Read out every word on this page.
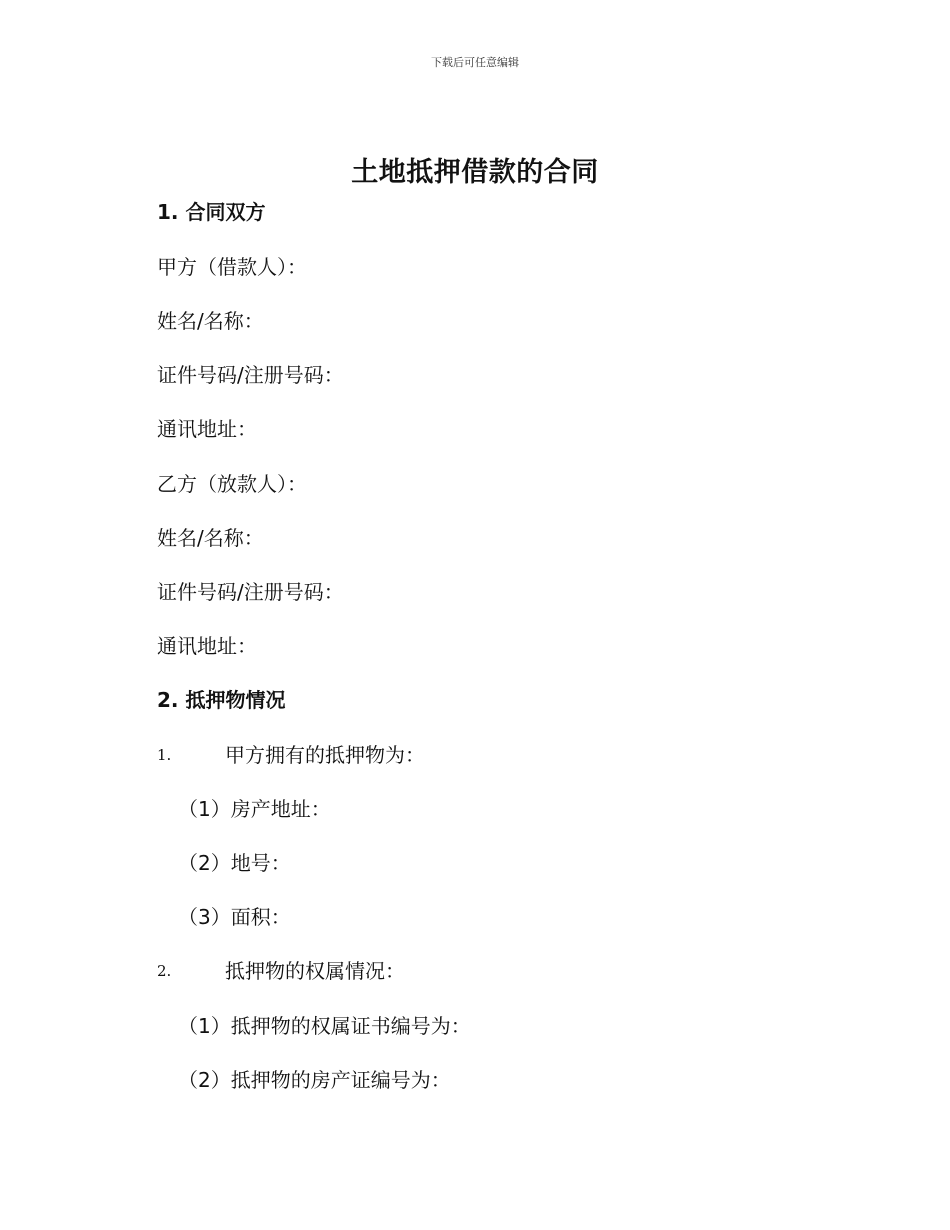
下载后可任意编辑
土地抵押借款的合同
1. 合同双方
甲方（借款人）：
姓名/名称：
证件号码/注册号码：
通讯地址：
乙方（放款人）：
姓名/名称：
证件号码/注册号码：
通讯地址：
2. 抵押物情况
1.	甲方拥有的抵押物为：
（1）房产地址：
（2）地号：
（3）面积：
2.	抵押物的权属情况：
（1）抵押物的权属证书编号为：
（2）抵押物的房产证编号为：
